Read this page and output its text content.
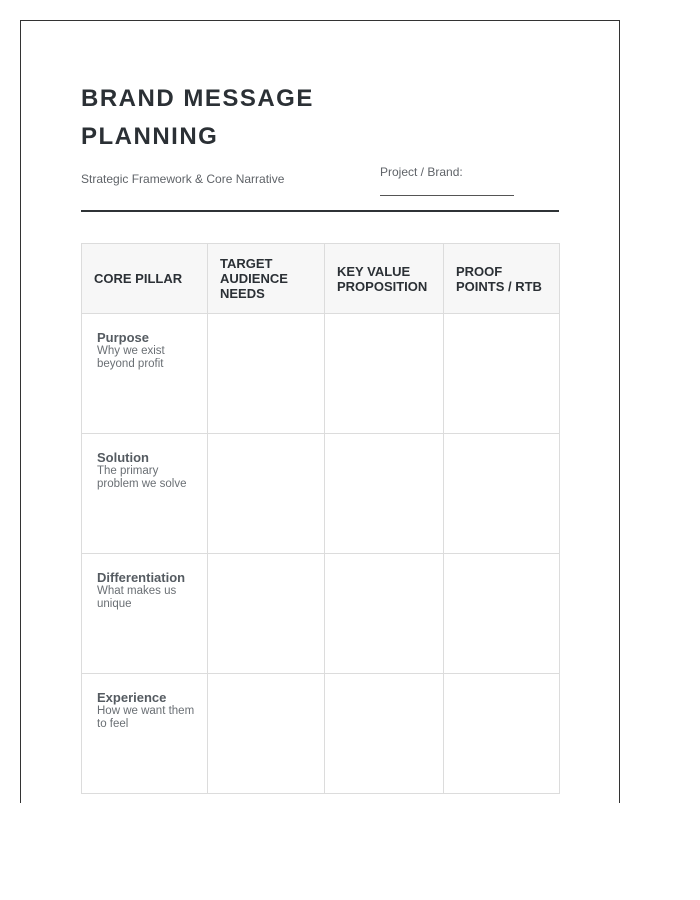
BRAND MESSAGE PLANNING
Strategic Framework & Core Narrative	Project / Brand:
CORE PILLAR	TARGET AUDIENCE NEEDS	KEY VALUE PROPOSITION	PROOF POINTS / RTB

Purpose
Why we exist beyond profit			

Solution
The primary problem we solve			

Differentiation
What makes us unique			

Experience
How we want them to feel			
